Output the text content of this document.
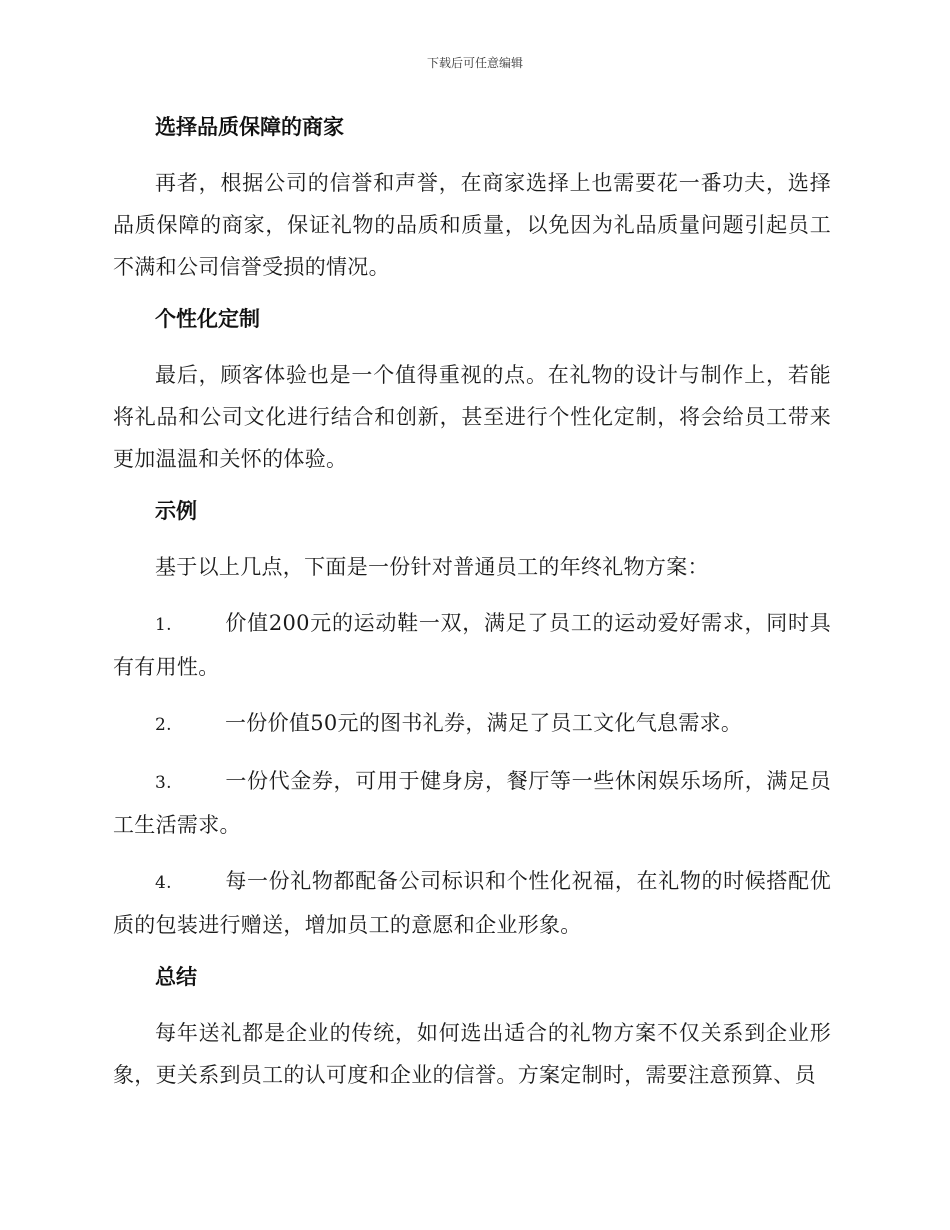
下载后可任意编辑
选择品质保障的商家

再者，根据公司的信誉和声誉，在商家选择上也需要花一番功夫，选择品质保障的商家，保证礼物的品质和质量，以免因为礼品质量问题引起员工不满和公司信誉受损的情况。

个性化定制

最后，顾客体验也是一个值得重视的点。在礼物的设计与制作上，若能将礼品和公司文化进行结合和创新，甚至进行个性化定制，将会给员工带来更加温温和关怀的体验。

示例

基于以上几点，下面是一份针对普通员工的年终礼物方案：

1.	价值200元的运动鞋一双，满足了员工的运动爱好需求，同时具有有用性。

2.	一份价值50元的图书礼券，满足了员工文化气息需求。

3.	一份代金券，可用于健身房，餐厅等一些休闲娱乐场所，满足员工生活需求。

4.	每一份礼物都配备公司标识和个性化祝福，在礼物的时候搭配优质的包装进行赠送，增加员工的意愿和企业形象。

总结

每年送礼都是企业的传统，如何选出适合的礼物方案不仅关系到企业形象，更关系到员工的认可度和企业的信誉。方案定制时，需要注意预算、员
